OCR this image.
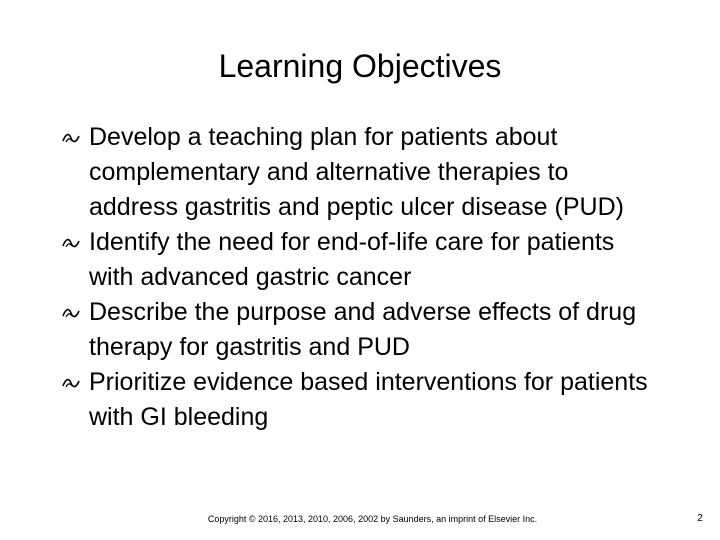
Learning Objectives
Develop a teaching plan for patients about complementary and alternative therapies to address gastritis and peptic ulcer disease (PUD)
Identify the need for end-of-life care for patients with advanced gastric cancer
Describe the purpose and adverse effects of drug therapy for gastritis and PUD
Prioritize evidence based interventions for patients with GI bleeding
Copyright © 2016, 2013, 2010, 2006, 2002 by Saunders, an imprint of Elsevier Inc.	2
